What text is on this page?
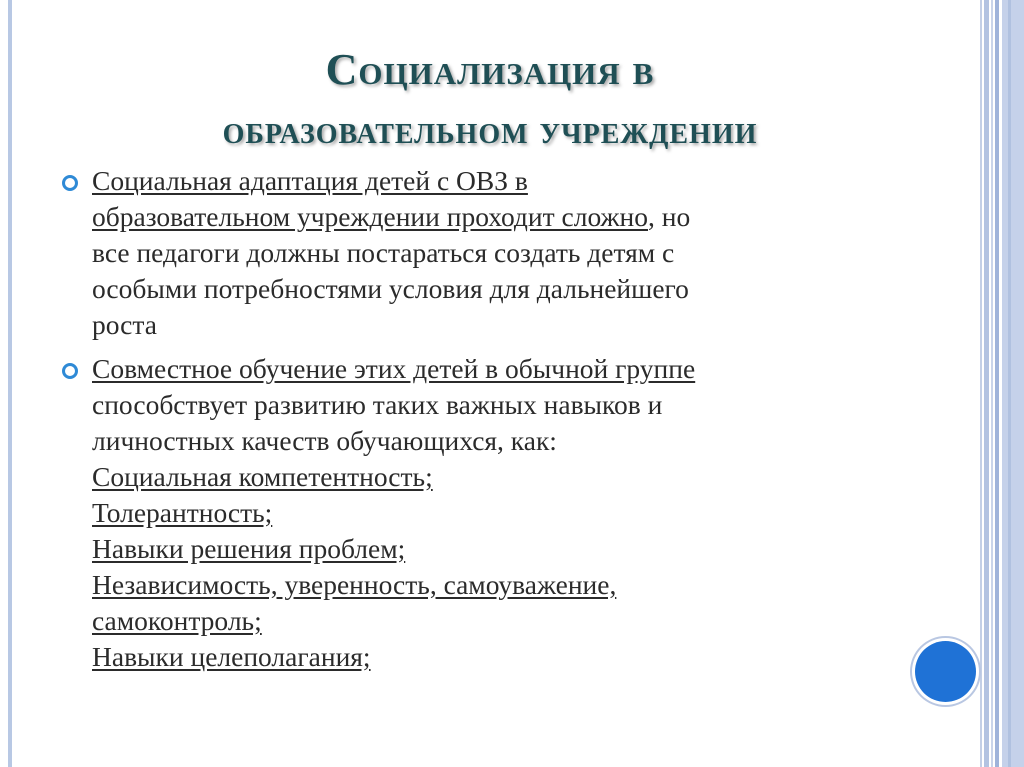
Социализация в
образовательном учреждении
Социальная адаптация детей с ОВЗ в
образовательном учреждении проходит сложно, но
все педагоги должны постараться создать детям с
особыми потребностями условия для дальнейшего
роста
Совместное обучение этих детей в обычной группе
способствует развитию таких важных навыков и
личностных качеств обучающихся, как:
Социальная компетентность;
Толерантность;
Навыки решения проблем;
Независимость, уверенность, самоуважение,
самоконтроль;
Навыки целеполагания;
